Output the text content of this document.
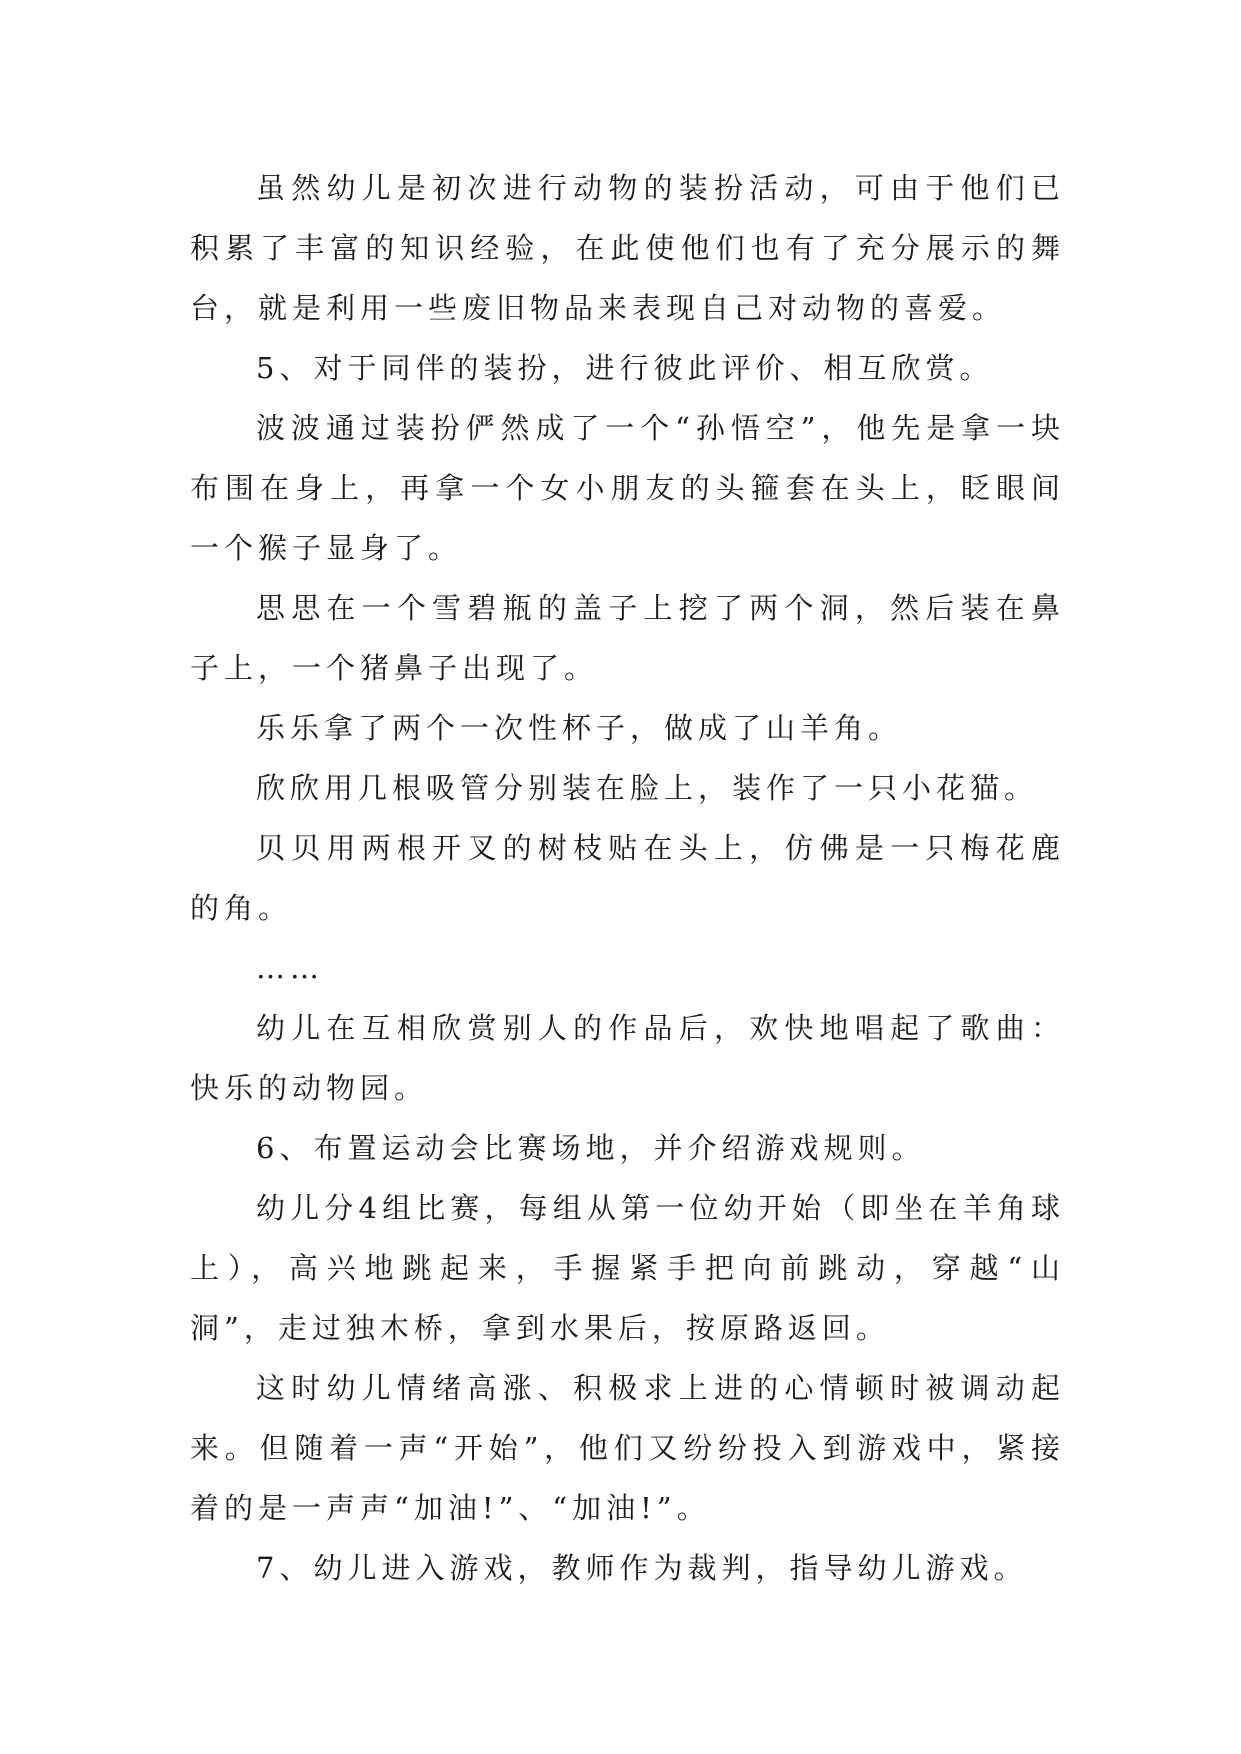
虽然幼儿是初次进行动物的装扮活动，可由于他们已积累了丰富的知识经验，在此使他们也有了充分展示的舞台，就是利用一些废旧物品来表现自己对动物的喜爱。

5、对于同伴的装扮，进行彼此评价、相互欣赏。

波波通过装扮俨然成了一个“孙悟空”，他先是拿一块布围在身上，再拿一个女小朋友的头箍套在头上，眨眼间一个猴子显身了。

思思在一个雪碧瓶的盖子上挖了两个洞，然后装在鼻子上，一个猪鼻子出现了。

乐乐拿了两个一次性杯子，做成了山羊角。

欣欣用几根吸管分别装在脸上，装作了一只小花猫。

贝贝用两根开叉的树枝贴在头上，仿佛是一只梅花鹿的角。

……

幼儿在互相欣赏别人的作品后，欢快地唱起了歌曲：快乐的动物园。

6、布置运动会比赛场地，并介绍游戏规则。

幼儿分4组比赛，每组从第一位幼开始（即坐在羊角球上），高兴地跳起来，手握紧手把向前跳动，穿越“山洞”，走过独木桥，拿到水果后，按原路返回。

这时幼儿情绪高涨、积极求上进的心情顿时被调动起来。但随着一声“开始”，他们又纷纷投入到游戏中，紧接着的是一声声“加油!”、“加油!”。

7、幼儿进入游戏，教师作为裁判，指导幼儿游戏。
